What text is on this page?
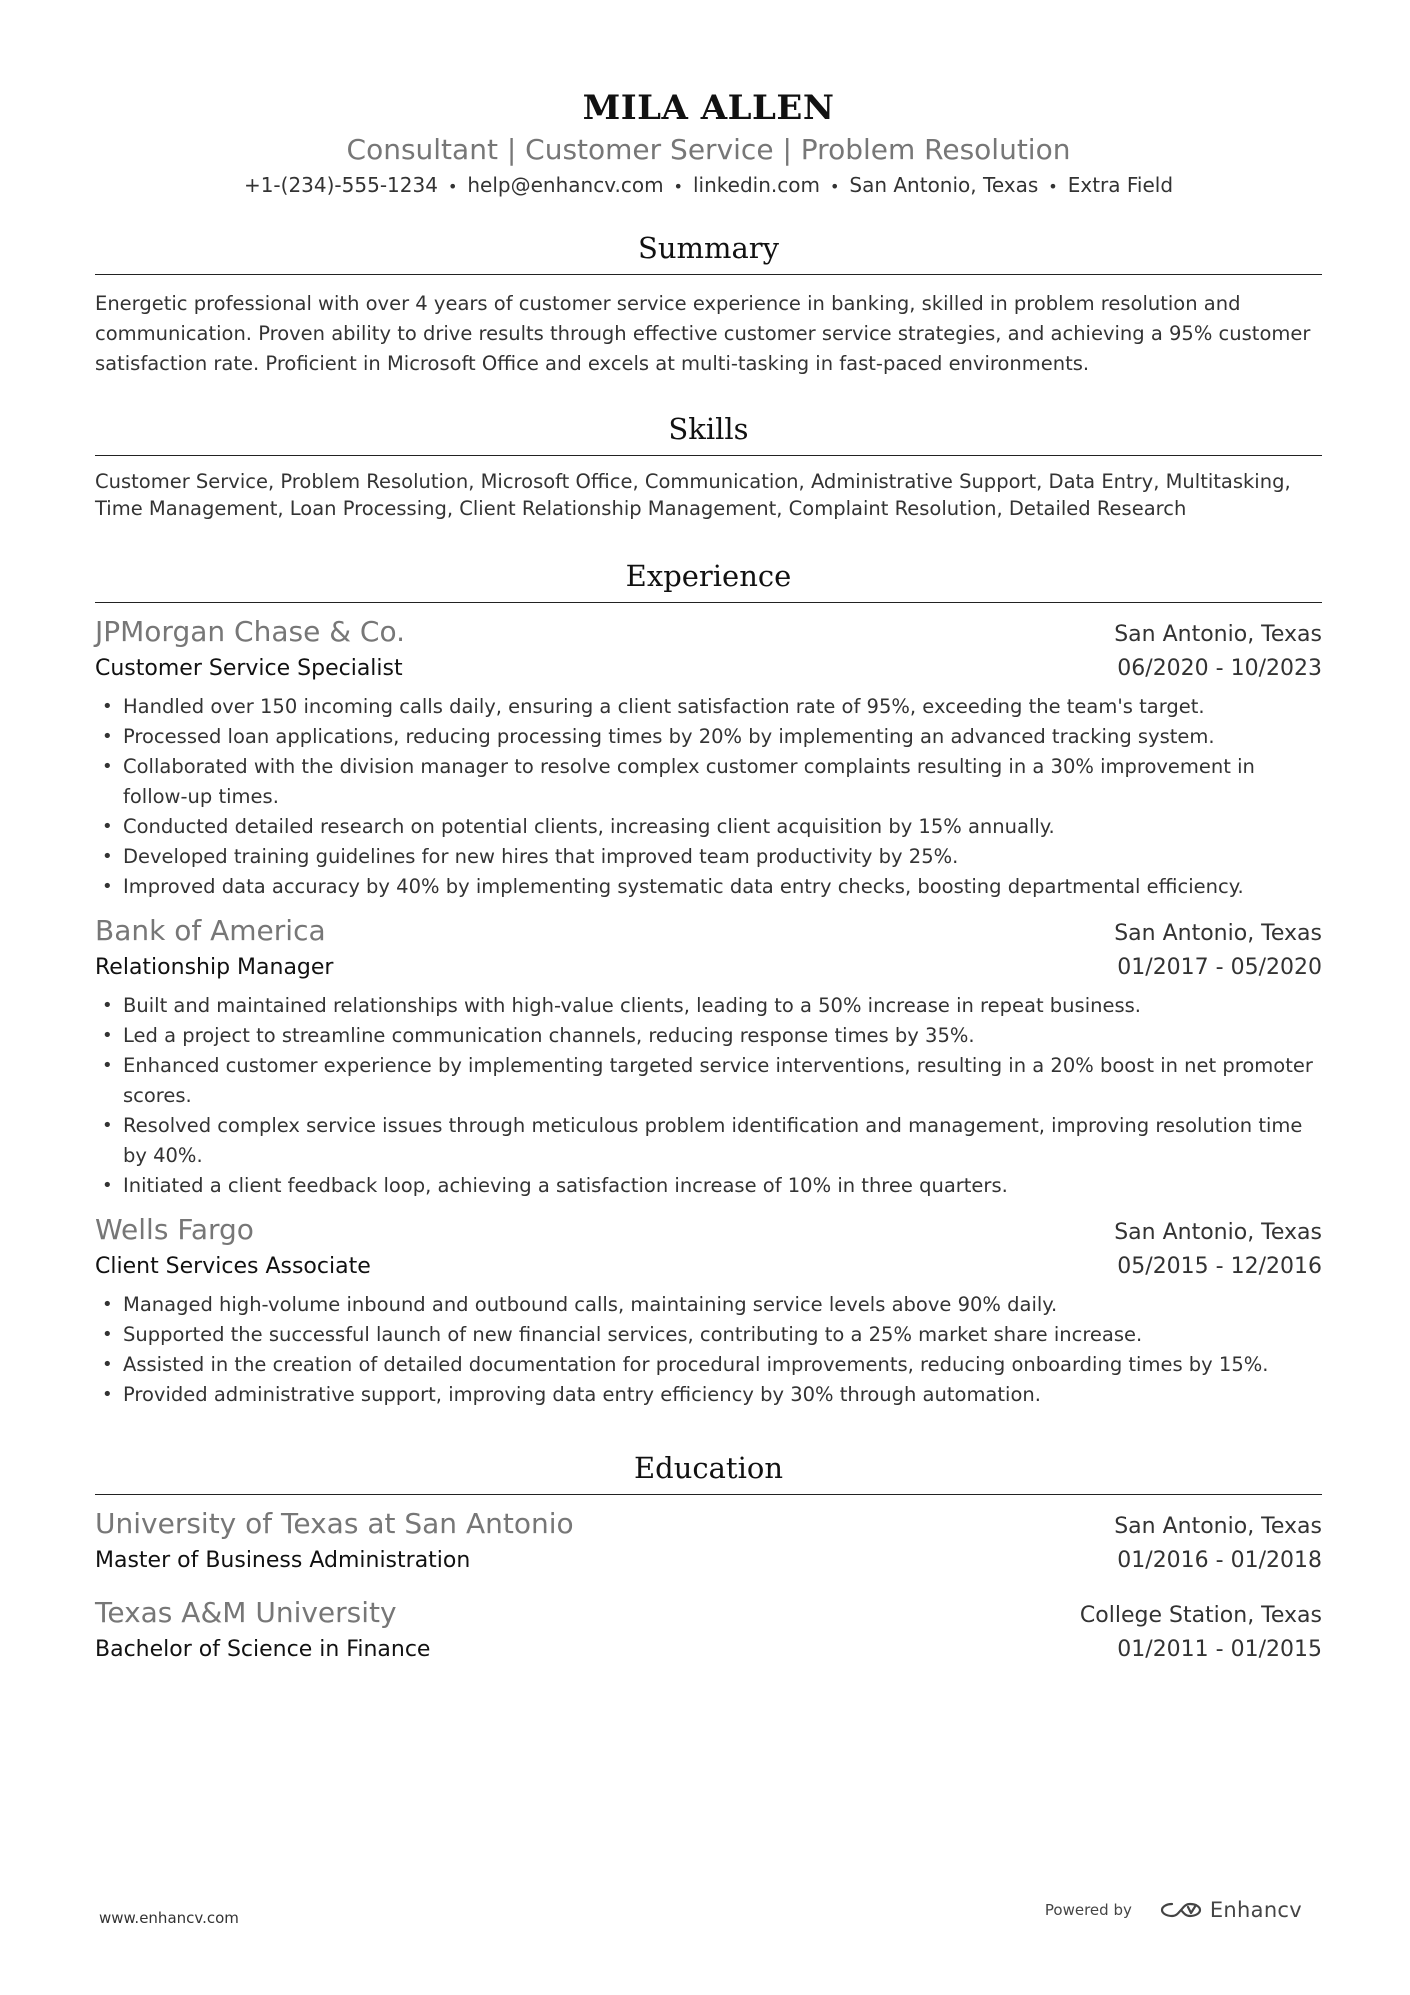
MILA ALLEN
Consultant | Customer Service | Problem Resolution
+1-(234)-555-1234 • help@enhancv.com • linkedin.com • San Antonio, Texas • Extra Field
Summary
Energetic professional with over 4 years of customer service experience in banking, skilled in problem resolution and communication. Proven ability to drive results through effective customer service strategies, and achieving a 95% customer satisfaction rate. Proficient in Microsoft Office and excels at multi-tasking in fast-paced environments.
Skills
Customer Service, Problem Resolution, Microsoft Office, Communication, Administrative Support, Data Entry, Multitasking, Time Management, Loan Processing, Client Relationship Management, Complaint Resolution, Detailed Research
Experience
JPMorgan Chase & Co.	San Antonio, Texas
Customer Service Specialist	06/2020 - 10/2023
• Handled over 150 incoming calls daily, ensuring a client satisfaction rate of 95%, exceeding the team's target.
• Processed loan applications, reducing processing times by 20% by implementing an advanced tracking system.
• Collaborated with the division manager to resolve complex customer complaints resulting in a 30% improvement in follow-up times.
• Conducted detailed research on potential clients, increasing client acquisition by 15% annually.
• Developed training guidelines for new hires that improved team productivity by 25%.
• Improved data accuracy by 40% by implementing systematic data entry checks, boosting departmental efficiency.
Bank of America	San Antonio, Texas
Relationship Manager	01/2017 - 05/2020
• Built and maintained relationships with high-value clients, leading to a 50% increase in repeat business.
• Led a project to streamline communication channels, reducing response times by 35%.
• Enhanced customer experience by implementing targeted service interventions, resulting in a 20% boost in net promoter scores.
• Resolved complex service issues through meticulous problem identification and management, improving resolution time by 40%.
• Initiated a client feedback loop, achieving a satisfaction increase of 10% in three quarters.
Wells Fargo	San Antonio, Texas
Client Services Associate	05/2015 - 12/2016
• Managed high-volume inbound and outbound calls, maintaining service levels above 90% daily.
• Supported the successful launch of new financial services, contributing to a 25% market share increase.
• Assisted in the creation of detailed documentation for procedural improvements, reducing onboarding times by 15%.
• Provided administrative support, improving data entry efficiency by 30% through automation.
Education
University of Texas at San Antonio	San Antonio, Texas
Master of Business Administration	01/2016 - 01/2018
Texas A&M University	College Station, Texas
Bachelor of Science in Finance	01/2011 - 01/2015
www.enhancv.com	Powered by	Enhancv
